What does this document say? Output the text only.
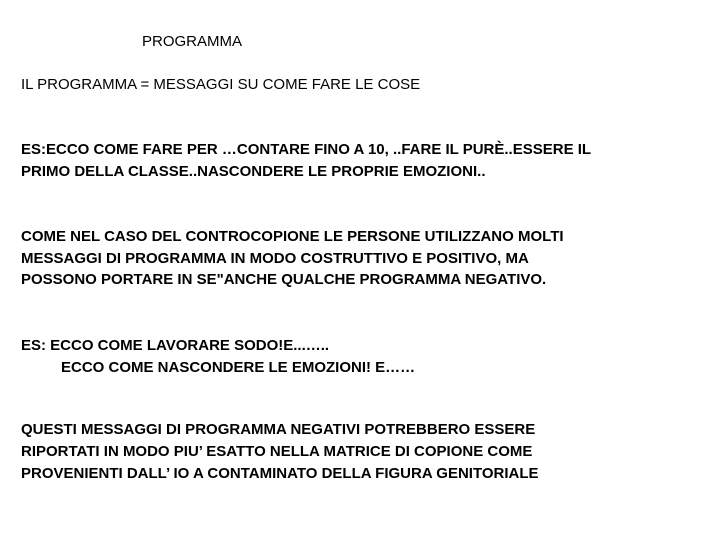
PROGRAMMA
IL PROGRAMMA = MESSAGGI SU COME FARE LE COSE
ES:ECCO COME FARE PER …CONTARE FINO A 10, ..FARE IL PURÈ..ESSERE IL
PRIMO DELLA CLASSE..NASCONDERE LE PROPRIE EMOZIONI..
COME NEL CASO DEL CONTROCOPIONE LE PERSONE UTILIZZANO MOLTI
MESSAGGI DI PROGRAMMA IN MODO COSTRUTTIVO E POSITIVO, MA
POSSONO PORTARE IN SE"ANCHE QUALCHE PROGRAMMA NEGATIVO.
ES: ECCO COME LAVORARE SODO!E...…..
ECCO COME NASCONDERE LE EMOZIONI! E……
QUESTI MESSAGGI DI PROGRAMMA NEGATIVI POTREBBERO ESSERE
RIPORTATI IN MODO PIU’ ESATTO NELLA MATRICE DI COPIONE COME
PROVENIENTI DALL’ IO A CONTAMINATO DELLA FIGURA GENITORIALE
